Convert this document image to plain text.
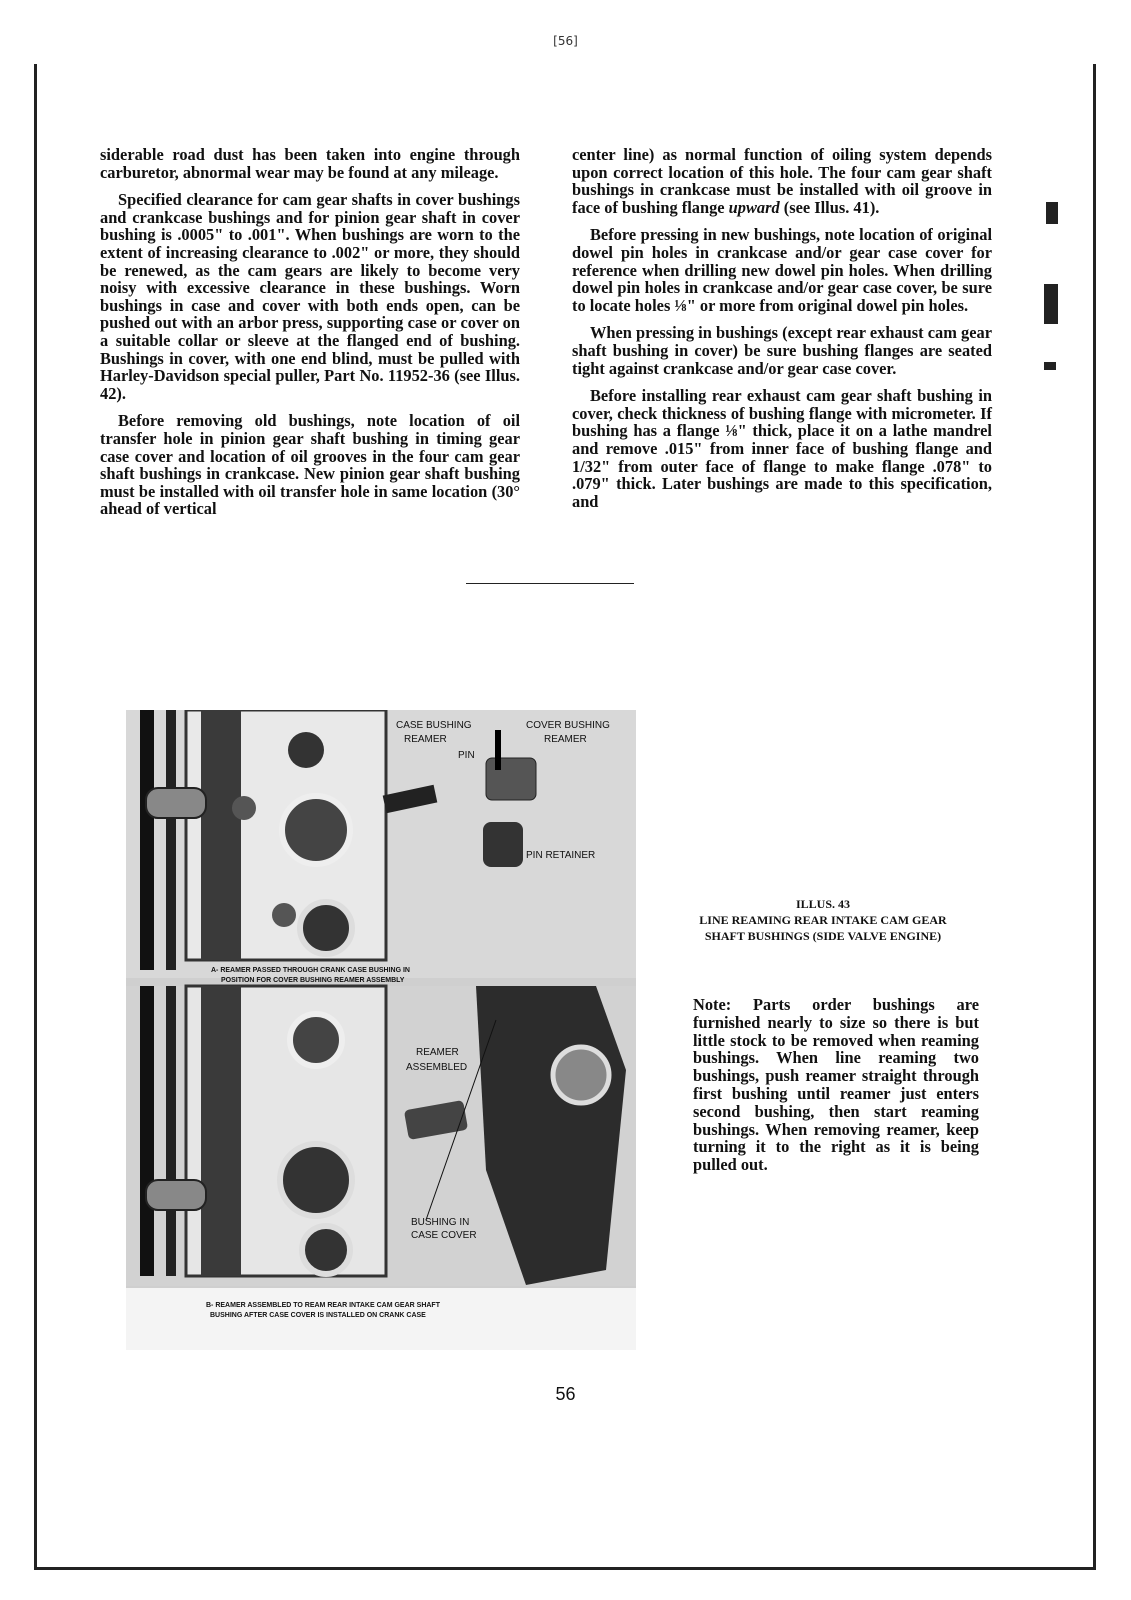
[56]

siderable road dust has been taken into engine through carburetor, abnormal wear may be found at any mileage.

Specified clearance for cam gear shafts in cover bushings and crankcase bushings and for pinion gear shaft in cover bushing is .0005" to .001". When bushings are worn to the extent of increasing clearance to .002" or more, they should be renewed, as the cam gears are likely to become very noisy with excessive clearance in these bushings. Worn bushings in case and cover with both ends open, can be pushed out with an arbor press, supporting case or cover on a suitable collar or sleeve at the flanged end of bushing. Bushings in cover, with one end blind, must be pulled with Harley-Davidson special puller, Part No. 11952-36 (see Illus. 42).

Before removing old bushings, note location of oil transfer hole in pinion gear shaft bushing in timing gear case cover and location of oil grooves in the four cam gear shaft bushings in crankcase. New pinion gear shaft bushing must be installed with oil transfer hole in same location (30° ahead of vertical

center line) as normal function of oiling system depends upon correct location of this hole. The four cam gear shaft bushings in crankcase must be installed with oil groove in face of bushing flange upward (see Illus. 41).

Before pressing in new bushings, note location of original dowel pin holes in crankcase and/or gear case cover for reference when drilling new dowel pin holes. When drilling dowel pin holes in crankcase and/or gear case cover, be sure to locate holes ⅛" or more from original dowel pin holes.

When pressing in bushings (except rear exhaust cam gear shaft bushing in cover) be sure bushing flanges are seated tight against crankcase and/or gear case cover.

Before installing rear exhaust cam gear shaft bushing in cover, check thickness of bushing flange with micrometer. If bushing has a flange ⅛" thick, place it on a lathe mandrel and remove .015" from inner face of bushing flange and 1/32" from outer face of flange to make flange .078" to .079" thick. Later bushings are made to this specification, and

CASE BUSHING
REAMER
COVER BUSHING
REAMER
PIN
PIN RETAINER
A- REAMER PASSED THROUGH CRANK CASE BUSHING IN
POSITION FOR COVER BUSHING REAMER ASSEMBLY
REAMER
ASSEMBLED
BUSHING IN
CASE COVER
B- REAMER ASSEMBLED TO REAM REAR INTAKE CAM GEAR SHAFT
BUSHING AFTER CASE COVER IS INSTALLED ON CRANK CASE
ILLUS. 43
LINE REAMING REAR INTAKE CAM GEAR
SHAFT BUSHINGS (SIDE VALVE ENGINE)
Note: Parts order bushings are furnished nearly to size so there is but little stock to be removed when reaming bushings. When line reaming two bushings, push reamer straight through first bushing until reamer just enters second bushing, then start reaming bushings. When removing reamer, keep turning it to the right as it is being pulled out.
56
